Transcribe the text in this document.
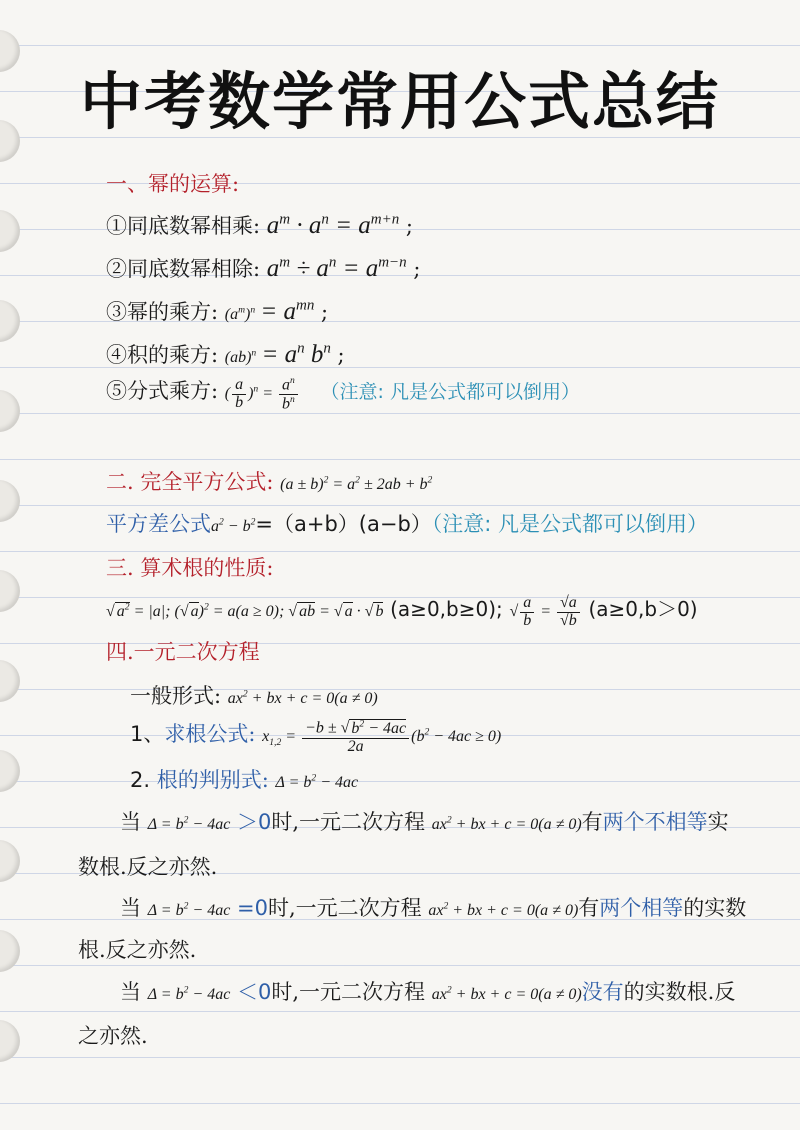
中考数学常用公式总结
一、幂的运算:
①同底数幂相乘: $a^m \cdot a^n = a^{m+n}$ ;
②同底数幂相除: $a^m \div a^n = a^{m-n}$ ;
③幂的乘方: $(a^m)^n = a^{mn}$ ;
④积的乘方: $(ab)^n = a^n$ $b^n$ ;
⑤分式乘方: ( $\frac{a}{b} )^n = \frac{a^n}{b^n}$ （注意: 凡是公式都可以倒用）
二. 完全平方公式: $(a \pm b)^2 = a^2 \pm 2ab + b^2$
平方差公式$a^2 - b^2=(a+b)(a-b)$（注意: 凡是公式都可以倒用）
三. 算术根的性质:
√ $a^2 = |a|$; (√ a)$^2$ = a(a ≥ 0); √ ab = √ a · √ b (a≥0,b≥0); √ $\frac{a}{b} = \frac{√a}{√b} (a\ge 0,b>0)$
四.一元二次方程
一般形式: $ax^2$ + bx + c = 0(a ≠ 0)
1、求根公式: $x_{1,2} = \frac{-b \pm √ b^2 - 4ac}{2a} (b^2 - 4ac \ge 0)$
2. 根的判别式: $\Delta = b^2 - 4ac$
当 $\Delta = b^2 - 4ac >0$时,一元二次方程 $ax^2$ + bx + c = 0(a ≠ 0)有两个不相等实
数根.反之亦然.
当 $\Delta = b^2 - 4ac =0$时,一元二次方程 $ax^2$ + bx + c = 0(a ≠ 0)有两个相等的实数
根.反之亦然.
当 $\Delta = b^2 - 4ac <0$时,一元二次方程 $ax^2$ + bx + c = 0(a ≠ 0)没有的实数根.反
之亦然.
